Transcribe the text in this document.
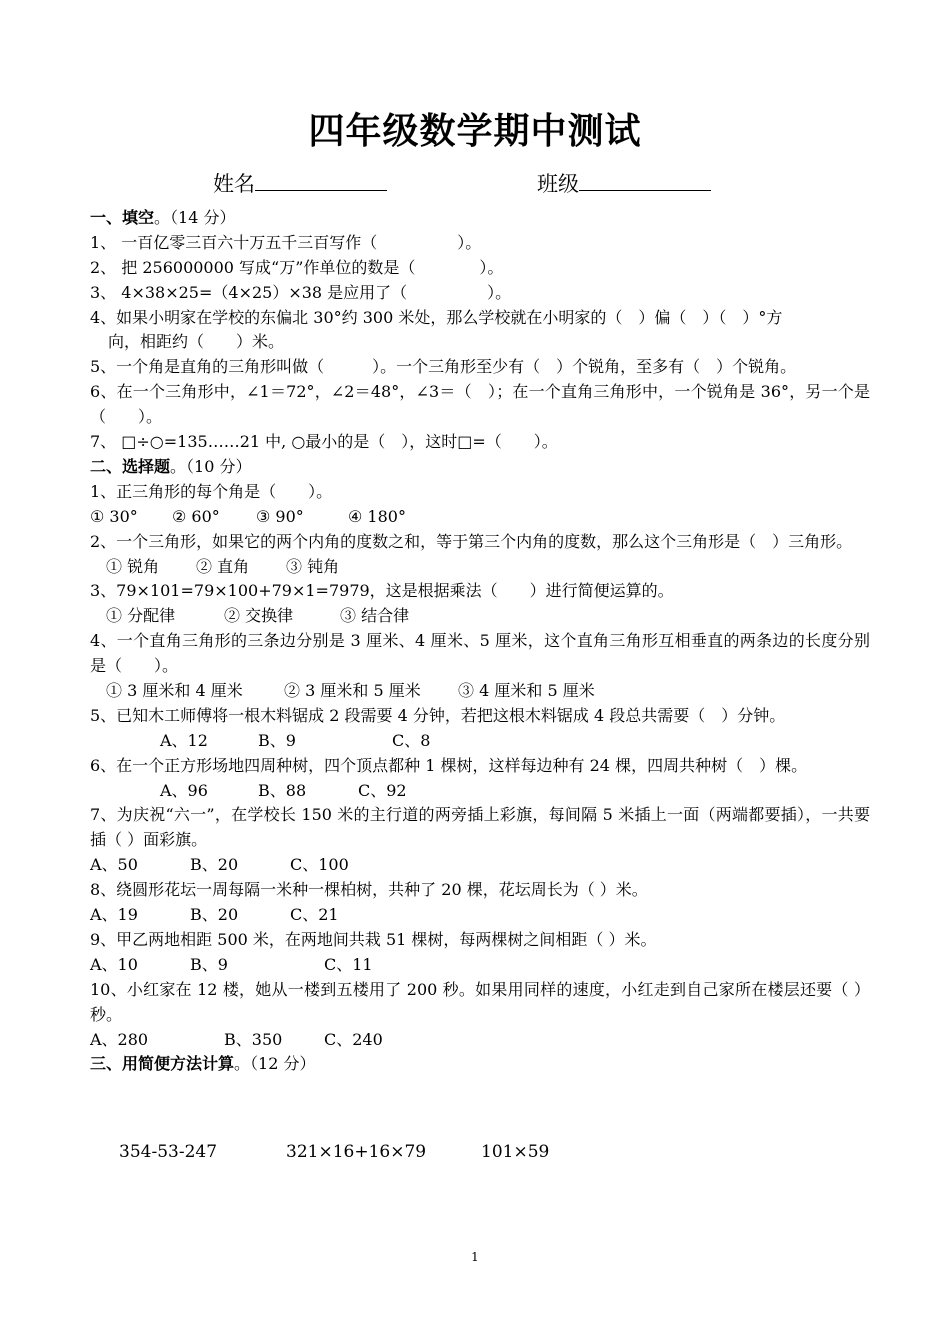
四年级数学期中测试
姓名	班级
一、填空。（14 分）
1、 一百亿零三百六十万五千三百写作（　　　　　）。
2、 把 256000000 写成“万”作单位的数是（　　　　）。
3、 4×38×25=（4×25）×38 是应用了（　　　　　）。
4、如果小明家在学校的东偏北 30°约 300 米处，那么学校就在小明家的（　）偏（　）（　）°方
向，相距约（　　）米。
5、一个角是直角的三角形叫做（　　　）。一个三角形至少有（　）个锐角，至多有（　）个锐角。
6、在一个三角形中，∠1＝72°，∠2＝48°，∠3＝（　）；在一个直角三角形中，一个锐角是 36°，另一个是（　　）。
7、 □÷○=135……21 中, ○最小的是（　），这时□=（　　）。
二、选择题。（10 分）
1、正三角形的每个角是（　　）。
① 30° ② 60° ③ 90°	④ 180°
2、一个三角形，如果它的两个内角的度数之和，等于第三个内角的度数，那么这个三角形是（　）三角形。
① 锐角 ② 直角 ③ 钝角
3、79×101=79×100+79×1=7979，这是根据乘法（　　）进行简便运算的。
① 分配律	② 交换律	③ 结合律
4、一个直角三角形的三条边分别是 3 厘米、4 厘米、5 厘米，这个直角三角形互相垂直的两条边的长度分别是（　　）。
① 3 厘米和 4 厘米	② 3 厘米和 5 厘米 ③ 4 厘米和 5 厘米
5、已知木工师傅将一根木料锯成 2 段需要 4 分钟，若把这根木料锯成 4 段总共需要（　）分钟。
A、12	B、9	C、8
6、在一个正方形场地四周种树，四个顶点都种 1 棵树，这样每边种有 24 棵，四周共种树（　）棵。
A、96	B、88	C、92
7、为庆祝“六一”，在学校长 150 米的主行道的两旁插上彩旗，每间隔 5 米插上一面（两端都要插），一共要插（ ）面彩旗。
A、50	B、20	C、100
8、绕圆形花坛一周每隔一米种一棵柏树，共种了 20 棵，花坛周长为（ ）米。
A、19	B、20	C、21
9、甲乙两地相距 500 米，在两地间共栽 51 棵树，每两棵树之间相距（ ）米。
A、10	B、9	C、11
10、小红家在 12 楼，她从一楼到五楼用了 200 秒。如果用同样的速度，小红走到自己家所在楼层还要（ ）秒。
A、280	B、350	C、240
三、用简便方法计算。（12 分）
354-53-247	321×16+16×79	101×59
1
